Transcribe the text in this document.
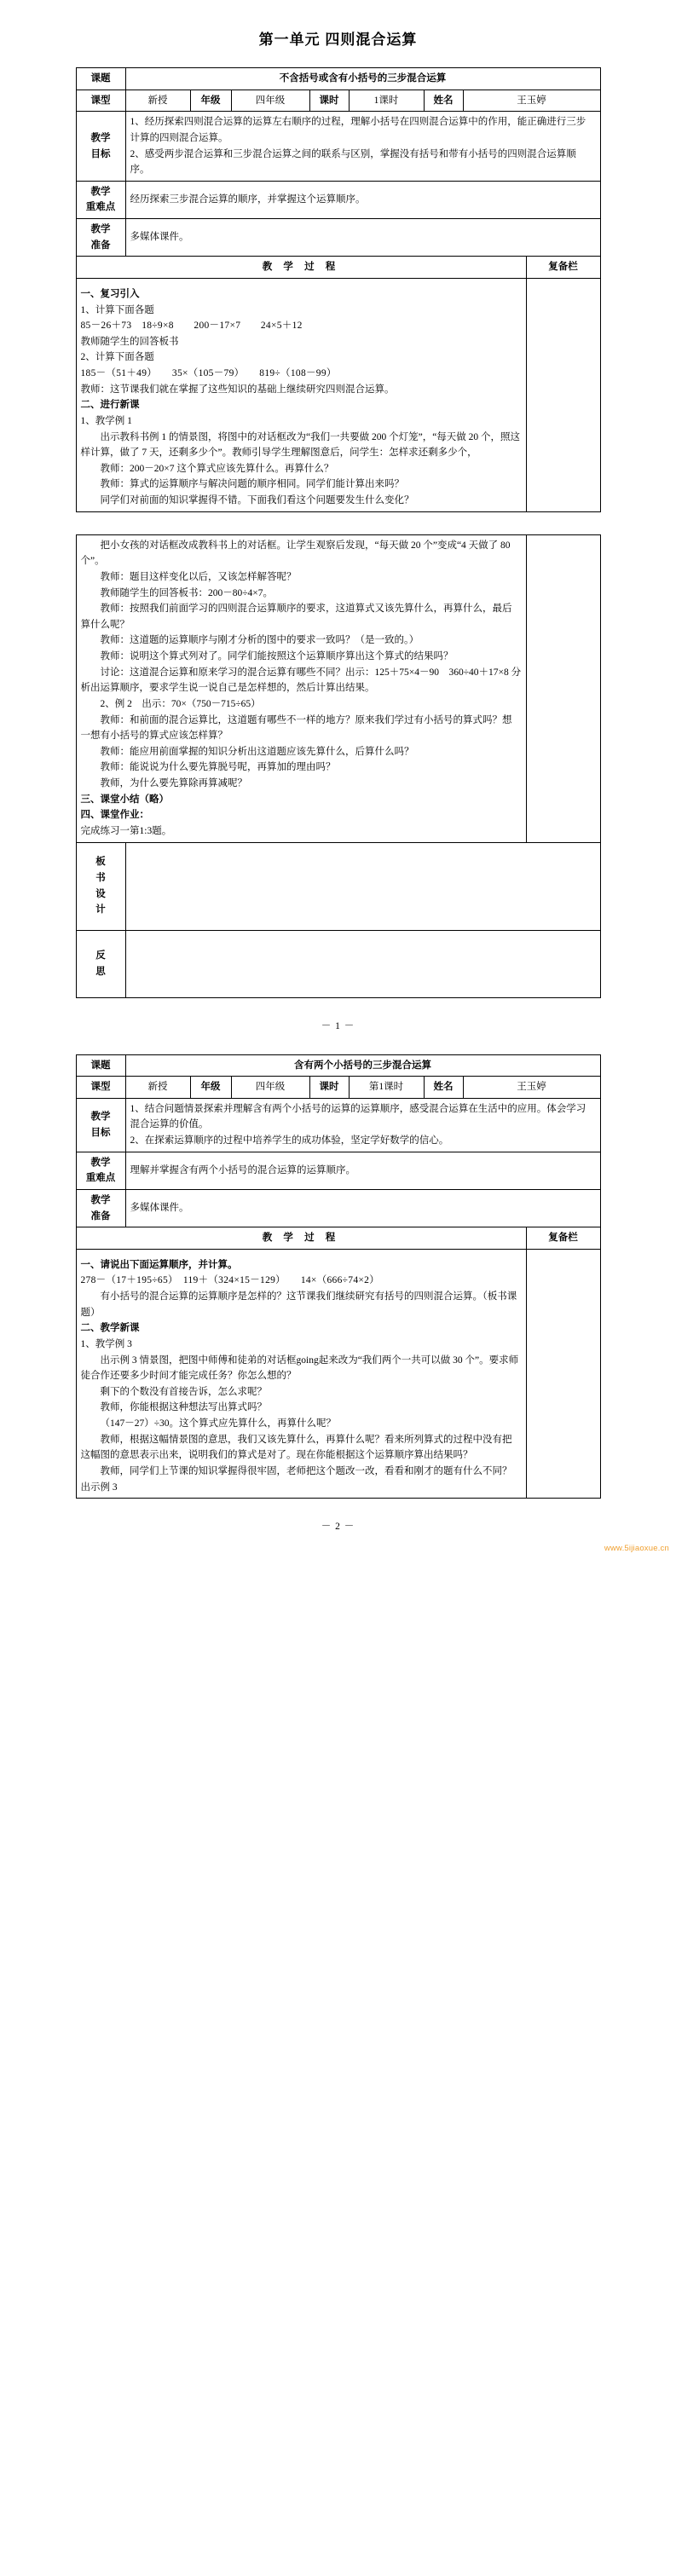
第一单元 四则混合运算
课题	不含括号或含有小括号的三步混合运算							
课型	新授	年级	四年级	课时	1课时	姓名	王玉婷	

教学
目标

1、经历探索四则混合运算的运算左右顺序的过程，理解小括号在四则混合运算中的作用，能正确进行三步计算的四则混合运算。

2、感受两步混合运算和三步混合运算之间的联系与区别，掌握没有括号和带有小括号的四则混合运算顺序。

教学
重难点	经历探索三步混合运算的顺序，并掌握这个运算顺序。							

教学
准备	多媒体课件。							
教 学 过 程								复备栏

一、复习引入

1、计算下面各题

85－26＋73　18÷9×8　　200－17×7　　24×5＋12

教师随学生的回答板书

2、计算下面各题

185－（51＋49）　　35×（105－79）　　819÷（108－99）

教师：这节课我们就在掌握了这些知识的基础上继续研究四则混合运算。

二、进行新课

1、教学例 1

出示教科书例 1 的情景图，将图中的对话框改为“我们一共要做 200 个灯笼”，“每天做 20 个，照这样计算，做了 7 天，还剩多少个”。教师引导学生理解图意后，问学生：怎样求还剩多少个，

教师：200－20×7 这个算式应该先算什么。再算什么？

教师：算式的运算顺序与解决问题的顺序相同。同学们能计算出来吗？

同学们对前面的知识掌握得不错。下面我们看这个问题要发生什么变化？

把小女孩的对话框改成教科书上的对话框。让学生观察后发现，“每天做 20 个”变成“4 天做了 80 个”。

教师：题目这样变化以后，又该怎样解答呢？

教师随学生的回答板书：200－80÷4×7。

教师：按照我们前面学习的四则混合运算顺序的要求，这道算式又该先算什么，再算什么，最后算什么呢？

教师：这道题的运算顺序与刚才分析的图中的要求一致吗？（是一致的。）

教师：说明这个算式列对了。同学们能按照这个运算顺序算出这个算式的结果吗？

讨论：这道混合运算和原来学习的混合运算有哪些不同？出示：125＋75×4－90　360÷40＋17×8 分析出运算顺序，要求学生说一说自己是怎样想的，然后计算出结果。

2、例 2　出示：70×（750－715÷65）

教师：和前面的混合运算比，这道题有哪些不一样的地方？原来我们学过有小括号的算式吗？想一想有小括号的算式应该怎样算？

教师：能应用前面掌握的知识分析出这道题应该先算什么，后算什么吗？

教师：能说说为什么要先算脱号呢，再算加的理由吗？

教师，为什么要先算除再算减呢？

三、课堂小结（略）

四、课堂作业：

完成练习一第1:3题。

板
书
设
计		

反
思		

－ 1 －
课题	含有两个小括号的三步混合运算							
课型	新授	年级	四年级	课时	第1课时	姓名	王玉婷	

教学
目标

1、结合问题情景探索并理解含有两个小括号的运算的运算顺序，感受混合运算在生活中的应用。体会学习混合运算的价值。

2、在探索运算顺序的过程中培养学生的成功体验，坚定学好数学的信心。

教学
重难点	理解并掌握含有两个小括号的混合运算的运算顺序。							

教学
准备	多媒体课件。							
教 学 过 程								复备栏

一、请说出下面运算顺序，并计算。

278－（17＋195÷65）　119＋（324×15－129）　　14×（666÷74×2）

有小括号的混合运算的运算顺序是怎样的？这节课我们继续研究有括号的四则混合运算。（板书课题）

二、教学新课

1、教学例 3

出示例 3 情景图，把图中师傅和徒弟的对话框going起来改为“我们两个一共可以做 30 个”。要求师徒合作还要多少时间才能完成任务？你怎么想的？

剩下的个数没有首接告诉，怎么求呢？

教师，你能根据这种想法写出算式吗？

（147－27）÷30。这个算式应先算什么，再算什么呢？

教师，根据这幅情景图的意思，我们又该先算什么，再算什么呢？看来所列算式的过程中没有把这幅图的意思表示出来，说明我们的算式是对了。现在你能根据这个运算顺序算出结果吗？

教师，同学们上节课的知识掌握得很牢固，老师把这个题改一改，看看和刚才的题有什么不同？出示例 3

－ 2 －
www.5ijiaoxue.cn
